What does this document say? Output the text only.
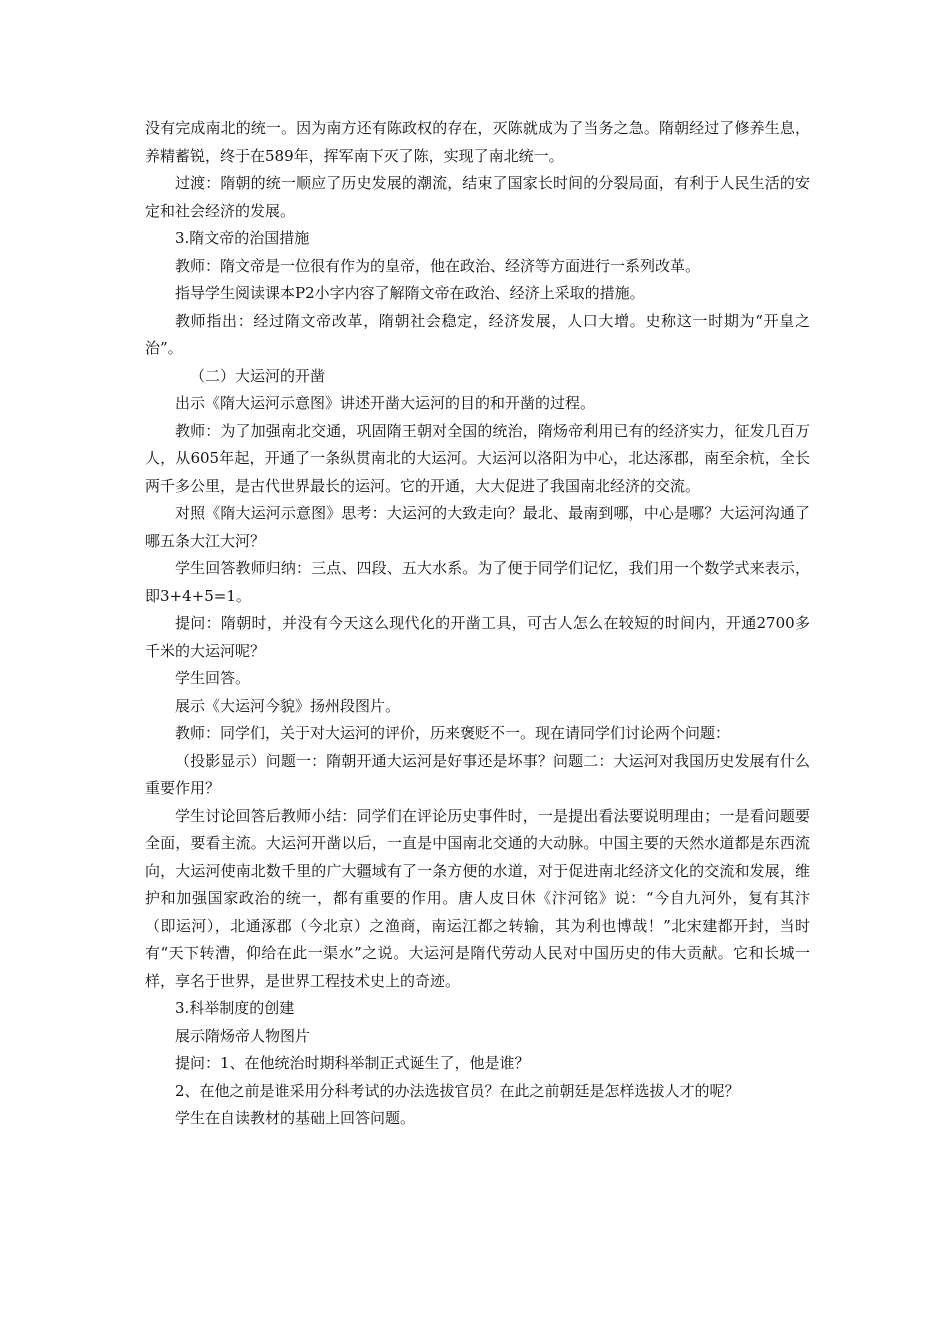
没有完成南北的统一。因为南方还有陈政权的存在，灭陈就成为了当务之急。隋朝经过了修养生息，养精蓄锐，终于在589年，挥军南下灭了陈，实现了南北统一。

过渡：隋朝的统一顺应了历史发展的潮流，结束了国家长时间的分裂局面，有利于人民生活的安定和社会经济的发展。

3.隋文帝的治国措施

教师：隋文帝是一位很有作为的皇帝，他在政治、经济等方面进行一系列改革。

指导学生阅读课本P2小字内容了解隋文帝在政治、经济上采取的措施。

教师指出：经过隋文帝改革，隋朝社会稳定，经济发展，人口大增。史称这一时期为“开皇之治”。

（二）大运河的开凿

出示《隋大运河示意图》讲述开凿大运河的目的和开凿的过程。

教师：为了加强南北交通，巩固隋王朝对全国的统治，隋炀帝利用已有的经济实力，征发几百万人，从605年起，开通了一条纵贯南北的大运河。大运河以洛阳为中心，北达涿郡，南至余杭，全长两千多公里，是古代世界最长的运河。它的开通，大大促进了我国南北经济的交流。

对照《隋大运河示意图》思考：大运河的大致走向？最北、最南到哪，中心是哪？大运河沟通了哪五条大江大河？

学生回答教师归纳：三点、四段、五大水系。为了便于同学们记忆，我们用一个数学式来表示，即3+4+5=1。

提问：隋朝时，并没有今天这么现代化的开凿工具，可古人怎么在较短的时间内，开通2700多千米的大运河呢？

学生回答。

展示《大运河今貌》扬州段图片。

教师：同学们，关于对大运河的评价，历来褒贬不一。现在请同学们讨论两个问题：

（投影显示）问题一：隋朝开通大运河是好事还是坏事？问题二：大运河对我国历史发展有什么重要作用？

学生讨论回答后教师小结：同学们在评论历史事件时，一是提出看法要说明理由；一是看问题要全面，要看主流。大运河开凿以后，一直是中国南北交通的大动脉。中国主要的天然水道都是东西流向，大运河使南北数千里的广大疆域有了一条方便的水道，对于促进南北经济文化的交流和发展，维护和加强国家政治的统一，都有重要的作用。唐人皮日休《汴河铭》说：“今自九河外，复有其汴（即运河），北通涿郡（今北京）之渔商，南运江都之转输，其为利也博哉！”北宋建都开封，当时有“天下转漕，仰给在此一渠水”之说。大运河是隋代劳动人民对中国历史的伟大贡献。它和长城一样，享名于世界，是世界工程技术史上的奇迹。

3.科举制度的创建

展示隋炀帝人物图片

提问：1、在他统治时期科举制正式诞生了，他是谁？

2、在他之前是谁采用分科考试的办法选拔官员？在此之前朝廷是怎样选拔人才的呢？

学生在自读教材的基础上回答问题。
